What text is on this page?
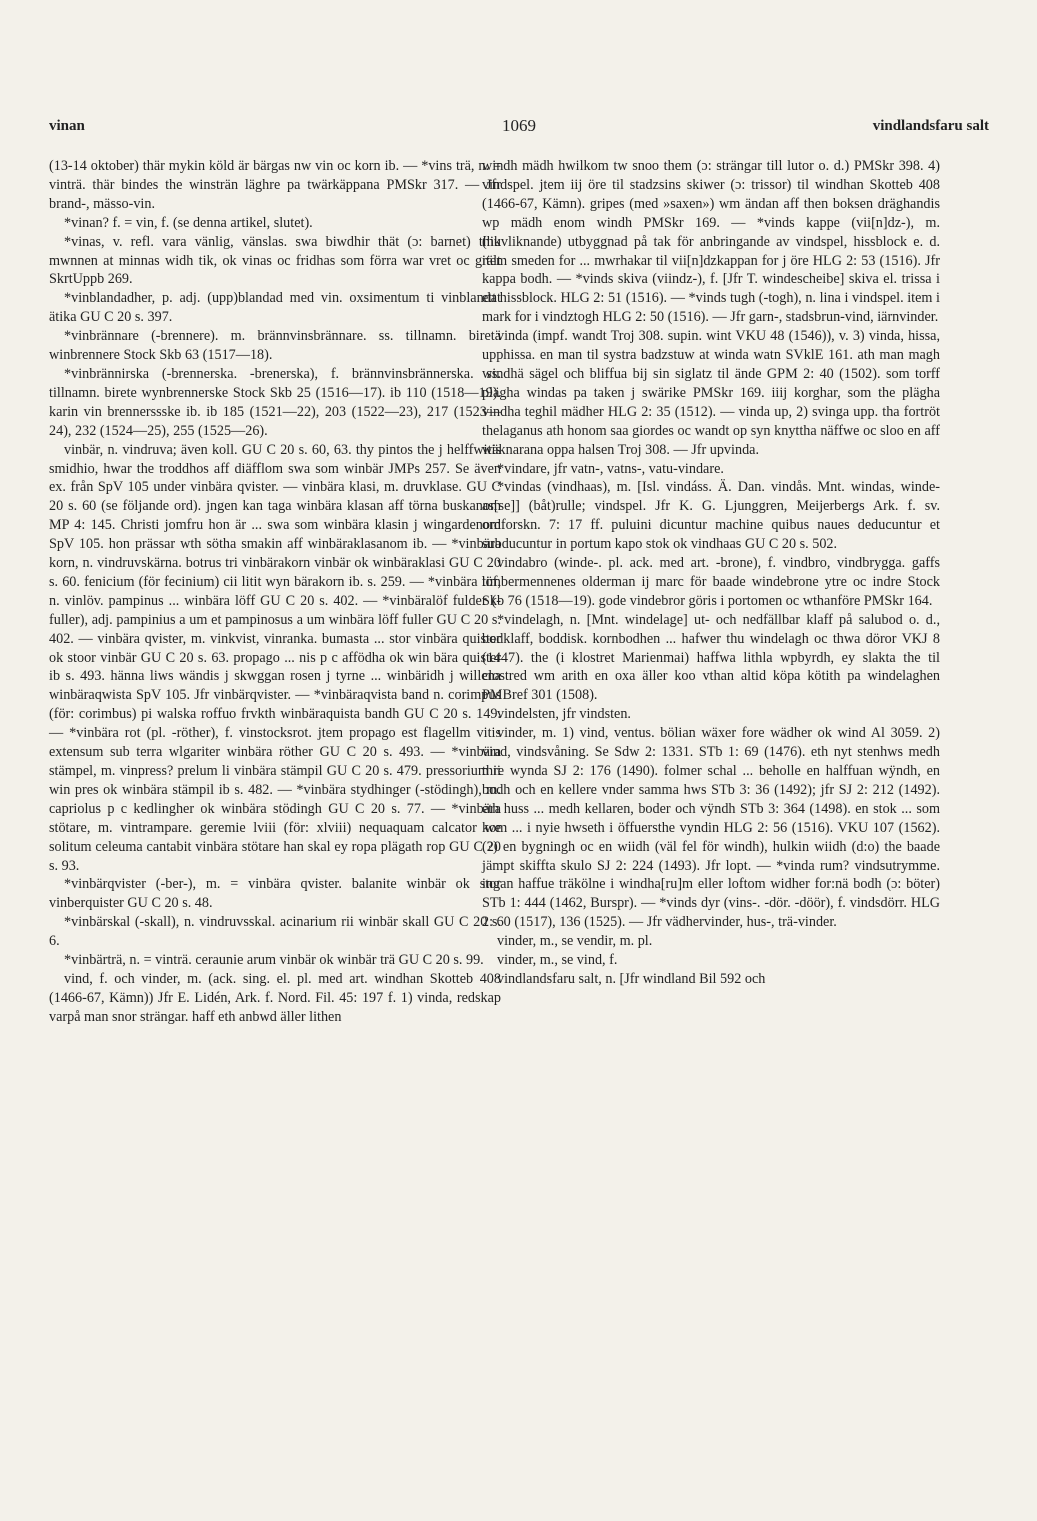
vinan	1069	vindlandsfaru salt

(13-14 oktober) thär mykin köld är bärgas nw vin oc korn ib. — *vins trä, n. = vinträ. thär bindes the winsträn läghre pa twärkäppana PMSkr 317. — Jfr brand-, mässo-vin.

*vinan? f. = vin, f. (se denna artikel, slutet).

*vinas, v. refl. vara vänlig, vänslas. swa biwdhir thät (ɔ: barnet) thik mwnnen at minnas widh tik, ok vinas oc fridhas som förra war vret oc grält SkrtUppb 269.

*vinblandadher, p. adj. (upp)blandad med vin. oxsimentum ti vinblandat ätika GU C 20 s. 397.

*vinbrännare (-brennere). m. brännvinsbrännare. ss. tillnamn. biretä winbrennere Stock Skb 63 (1517—18).

*vinbrännirska (-brennerska. -brenerska), f. brännvinsbrännerska. ss. tillnamn. birete wynbrennerske Stock Skb 25 (1516—17). ib 110 (1518—19). karin vin brennerssske ib. ib 185 (1521—22), 203 (1522—23), 217 (1523—24), 232 (1524—25), 255 (1525—26).

vinbär, n. vindruva; även koll. GU C 20 s. 60, 63. thy pintos the j helffwitis smidhio, hwar the troddhos aff diäfflom swa som winbär JMPs 257. Se även ex. från SpV 105 under vinbära qvister. — vinbära klasi, m. druvklase. GU C 20 s. 60 (se följande ord). jngen kan taga winbära klasan aff törna buskanom MP 4: 145. Christi jomfru hon är ... swa som winbära klasin j wingardenom SpV 105. hon prässar wth sötha smakin aff winbäraklasanom ib. — *vinbära korn, n. vindruvskärna. botrus tri vinbärakorn vinbär ok winbäraklasi GU C 20 s. 60. fenicium (för fecinium) cii litit wyn bärakorn ib. s. 259. — *vinbära löf, n. vinlöv. pampinus ... winbära löff GU C 20 s. 402. — *vinbäralöf fulder (-fuller), adj. pampinius a um et pampinosus a um winbära löff fuller GU C 20 s. 402. — vinbära qvister, m. vinkvist, vinranka. bumasta ... stor vinbära quister ok stoor vinbär GU C 20 s. 63. propago ... nis p c affödha ok win bära quister ib s. 493. hänna liws wändis j skwggan rosen j tyrne ... winbäridh j willena winbäraqwista SpV 105. Jfr vinbärqvister. — *vinbäraqvista band n. corimpus (för: corimbus) pi walska roffuo frvkth winbäraquista bandh GU C 20 s. 149. — *vinbära rot (pl. -röther), f. vinstocksrot. jtem propago est flagellm vitis extensum sub terra wlgariter winbära röther GU C 20 s. 493. — *vinbära stämpel, m. vinpress? prelum li vinbära stämpil GU C 20 s. 479. pressorium ii win pres ok winbära stämpil ib s. 482. — *vinbära stydhinger (-stödingh), m. capriolus p c kedlingher ok winbära stödingh GU C 20 s. 77. — *vinbära stötare, m. vintrampare. geremie lviii (för: xlviii) nequaquam calcator we solitum celeuma cantabit vinbära stötare han skal ey ropa plägath rop GU C 20 s. 93.

*vinbärqvister (-ber-), m. = vinbära qvister. balanite winbär ok stor vinberquister GU C 20 s. 48.

*vinbärskal (-skall), n. vindruvsskal. acinarium rii winbär skall GU C 20 s. 6.

*vinbärträ, n. = vinträ. ceraunie arum vinbär ok winbär trä GU C 20 s. 99.

vind, f. och vinder, m. (ack. sing. el. pl. med art. windhan Skotteb 408 (1466-67, Kämn)) Jfr E. Lidén, Ark. f. Nord. Fil. 45: 197 f. 1) vinda, redskap varpå man snor strängar. haff eth anbwd äller lithen

windh mädh hwilkom tw snoo them (ɔ: strängar till lutor o. d.) PMSkr 398. 4) vindspel. jtem iij öre til stadzsins skiwer (ɔ: trissor) til windhan Skotteb 408 (1466-67, Kämn). gripes (med »saxen») wm ändan aff then boksen dräghandis wp mädh enom windh PMSkr 169. — *vinds kappe (vii[n]dz-), m. (huvliknande) utbyggnad på tak för anbringande av vindspel, hissblock e. d. item smeden for ... mwrhakar til vii[n]dzkappan for j öre HLG 2: 53 (1516). Jfr kappa bodh. — *vinds skiva (viindz-), f. [Jfr T. windescheibe] skiva el. trissa i ett hissblock. HLG 2: 51 (1516). — *vinds tugh (-togh), n. lina i vindspel. item i mark for i vindztogh HLG 2: 50 (1516). — Jfr garn-, stadsbrun-vind, iärnvinder.

vinda (impf. wandt Troj 308. supin. wint VKU 48 (1546)), v. 3) vinda, hissa, upphissa. en man til systra badzstuw at winda watn SVklE 161. ath man magh windhä sägel och bliffua bij sin siglatz til ände GPM 2: 40 (1502). som torff plägha windas pa taken j swärike PMSkr 169. iiij korghar, som the plägha vindha teghil mädher HLG 2: 35 (1512). — vinda up, 2) svinga upp. tha fortröt thelaganus ath honom saa giordes oc wandt op syn knyttha näffwe oc sloo en aff wäknarana oppa halsen Troj 308. — Jfr upvinda.

*vindare, jfr vatn-, vatns-, vatu-vindare.

*vindas (vindhaas), m. [Isl. vindáss. Ä. Dan. vindås. Mnt. windas, winde-as[se]] (båt)rulle; vindspel. Jfr K. G. Ljunggren, Meijerbergs Ark. f. sv. ordforskn. 7: 17 ff. puluini dicuntur machine quibus naues deducuntur et subducuntur in portum kapo stok ok vindhaas GU C 20 s. 502.

vindabro (winde-. pl. ack. med art. -brone), f. vindbro, vindbrygga. gaffs timbermennenes olderman ij marc för baade windebrone ytre oc indre Stock Skb 76 (1518—19). gode vindebror göris i portomen oc wthanföre PMSkr 164.

*vindelagh, n. [Mnt. windelage] ut- och nedfällbar klaff på salubod o. d., bodklaff, boddisk. kornbodhen ... hafwer thu windelagh oc thwa döror VKJ 8 (1447). the (i klostret Marienmai) haffwa lithla wpbyrdh, ey slakta the til clostred wm arith en oxa äller koo vthan altid köpa kötith pa windelaghen PMBref 301 (1508).

vindelsten, jfr vindsten.

vinder, m. 1) vind, ventus. bölian wäxer fore wädher ok wind Al 3059. 2) vind, vindsvåning. Se Sdw 2: 1331. STb 1: 69 (1476). eth nyt stenhws medh thre wynda SJ 2: 176 (1490). folmer schal ... beholle en halffuan wÿndh, en bodh och en kellere vnder samma hws STb 3: 36 (1492); jfr SJ 2: 212 (1492). eth huss ... medh kellaren, boder och vÿndh STb 3: 364 (1498). en stok ... som kom ... i nyie hwseth i öffuersthe vyndin HLG 2: 56 (1516). VKU 107 (1562). (?) en bygningh oc en wiidh (väl fel för windh), hulkin wiidh (d:o) the baade jämpt skiffta skulo SJ 2: 224 (1493). Jfr lopt. — *vinda rum? vindsutrymme. ingan haffue träkölne i windha[ru]m eller loftom widher for:nä bodh (ɔ: böter) STb 1: 444 (1462, Burspr). — *vinds dyr (vins-. -dör. -döör), f. vindsdörr. HLG 2: 60 (1517), 136 (1525). — Jfr vädhervinder, hus-, trä-vinder.

vinder, m., se vendir, m. pl.

vinder, m., se vind, f.

vindlandsfaru salt, n. [Jfr windland Bil 592 och
